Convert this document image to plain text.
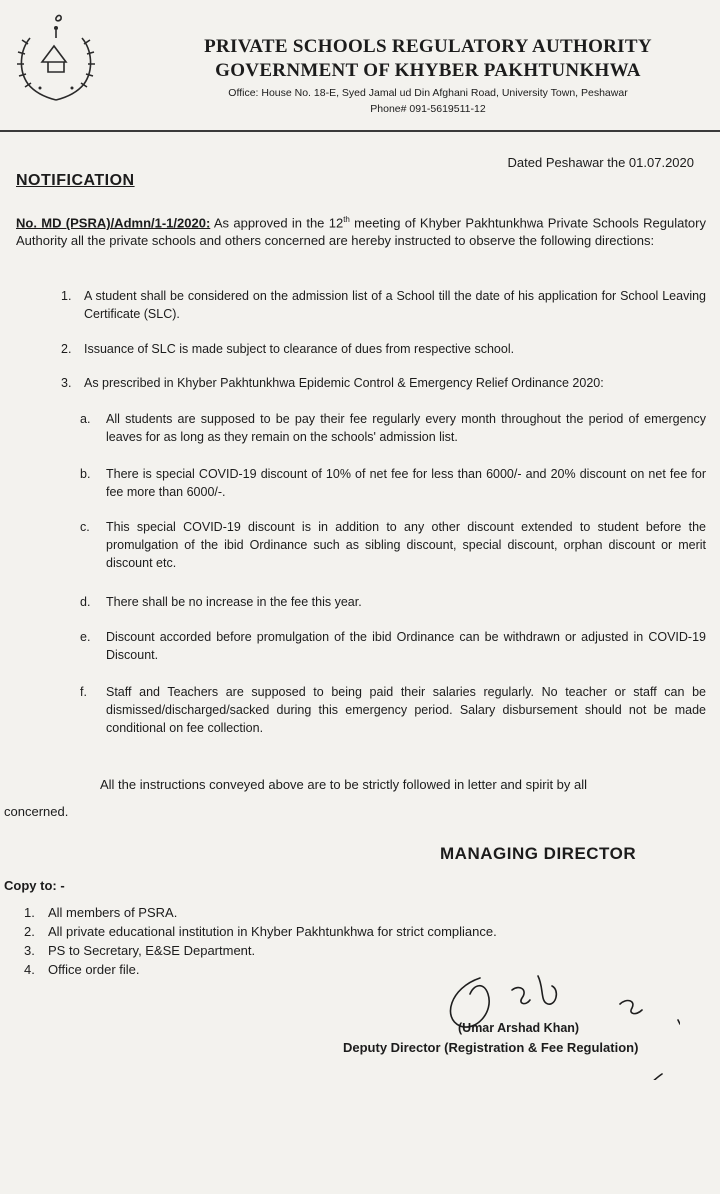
PRIVATE SCHOOLS REGULATORY AUTHORITY
GOVERNMENT OF KHYBER PAKHTUNKHWA
Office: House No. 18-E, Syed Jamal ud Din Afghani Road, University Town, Peshawar
Phone# 091-5619511-12
Dated Peshawar the 01.07.2020
NOTIFICATION
No. MD (PSRA)/Admn/1-1/2020: As approved in the 12th meeting of Khyber Pakhtunkhwa Private Schools Regulatory Authority all the private schools and others concerned are hereby instructed to observe the following directions:
1. A student shall be considered on the admission list of a School till the date of his application for School Leaving Certificate (SLC).
2. Issuance of SLC is made subject to clearance of dues from respective school.
3. As prescribed in Khyber Pakhtunkhwa Epidemic Control & Emergency Relief Ordinance 2020:
a. All students are supposed to be pay their fee regularly every month throughout the period of emergency leaves for as long as they remain on the schools' admission list.
b. There is special COVID-19 discount of 10% of net fee for less than 6000/- and 20% discount on net fee for fee more than 6000/-.
c. This special COVID-19 discount is in addition to any other discount extended to student before the promulgation of the ibid Ordinance such as sibling discount, special discount, orphan discount or merit discount etc.
d. There shall be no increase in the fee this year.
e. Discount accorded before promulgation of the ibid Ordinance can be withdrawn or adjusted in COVID-19 Discount.
f. Staff and Teachers are supposed to being paid their salaries regularly. No teacher or staff can be dismissed/discharged/sacked during this emergency period. Salary disbursement should not be made conditional on fee collection.
All the instructions conveyed above are to be strictly followed in letter and spirit by all
concerned.
MANAGING DIRECTOR
Copy to: -
1. All members of PSRA.
2. All private educational institution in Khyber Pakhtunkhwa for strict compliance.
3. PS to Secretary, E&SE Department.
4. Office order file.
(Umar Arshad Khan)
Deputy Director (Registration & Fee Regulation)
